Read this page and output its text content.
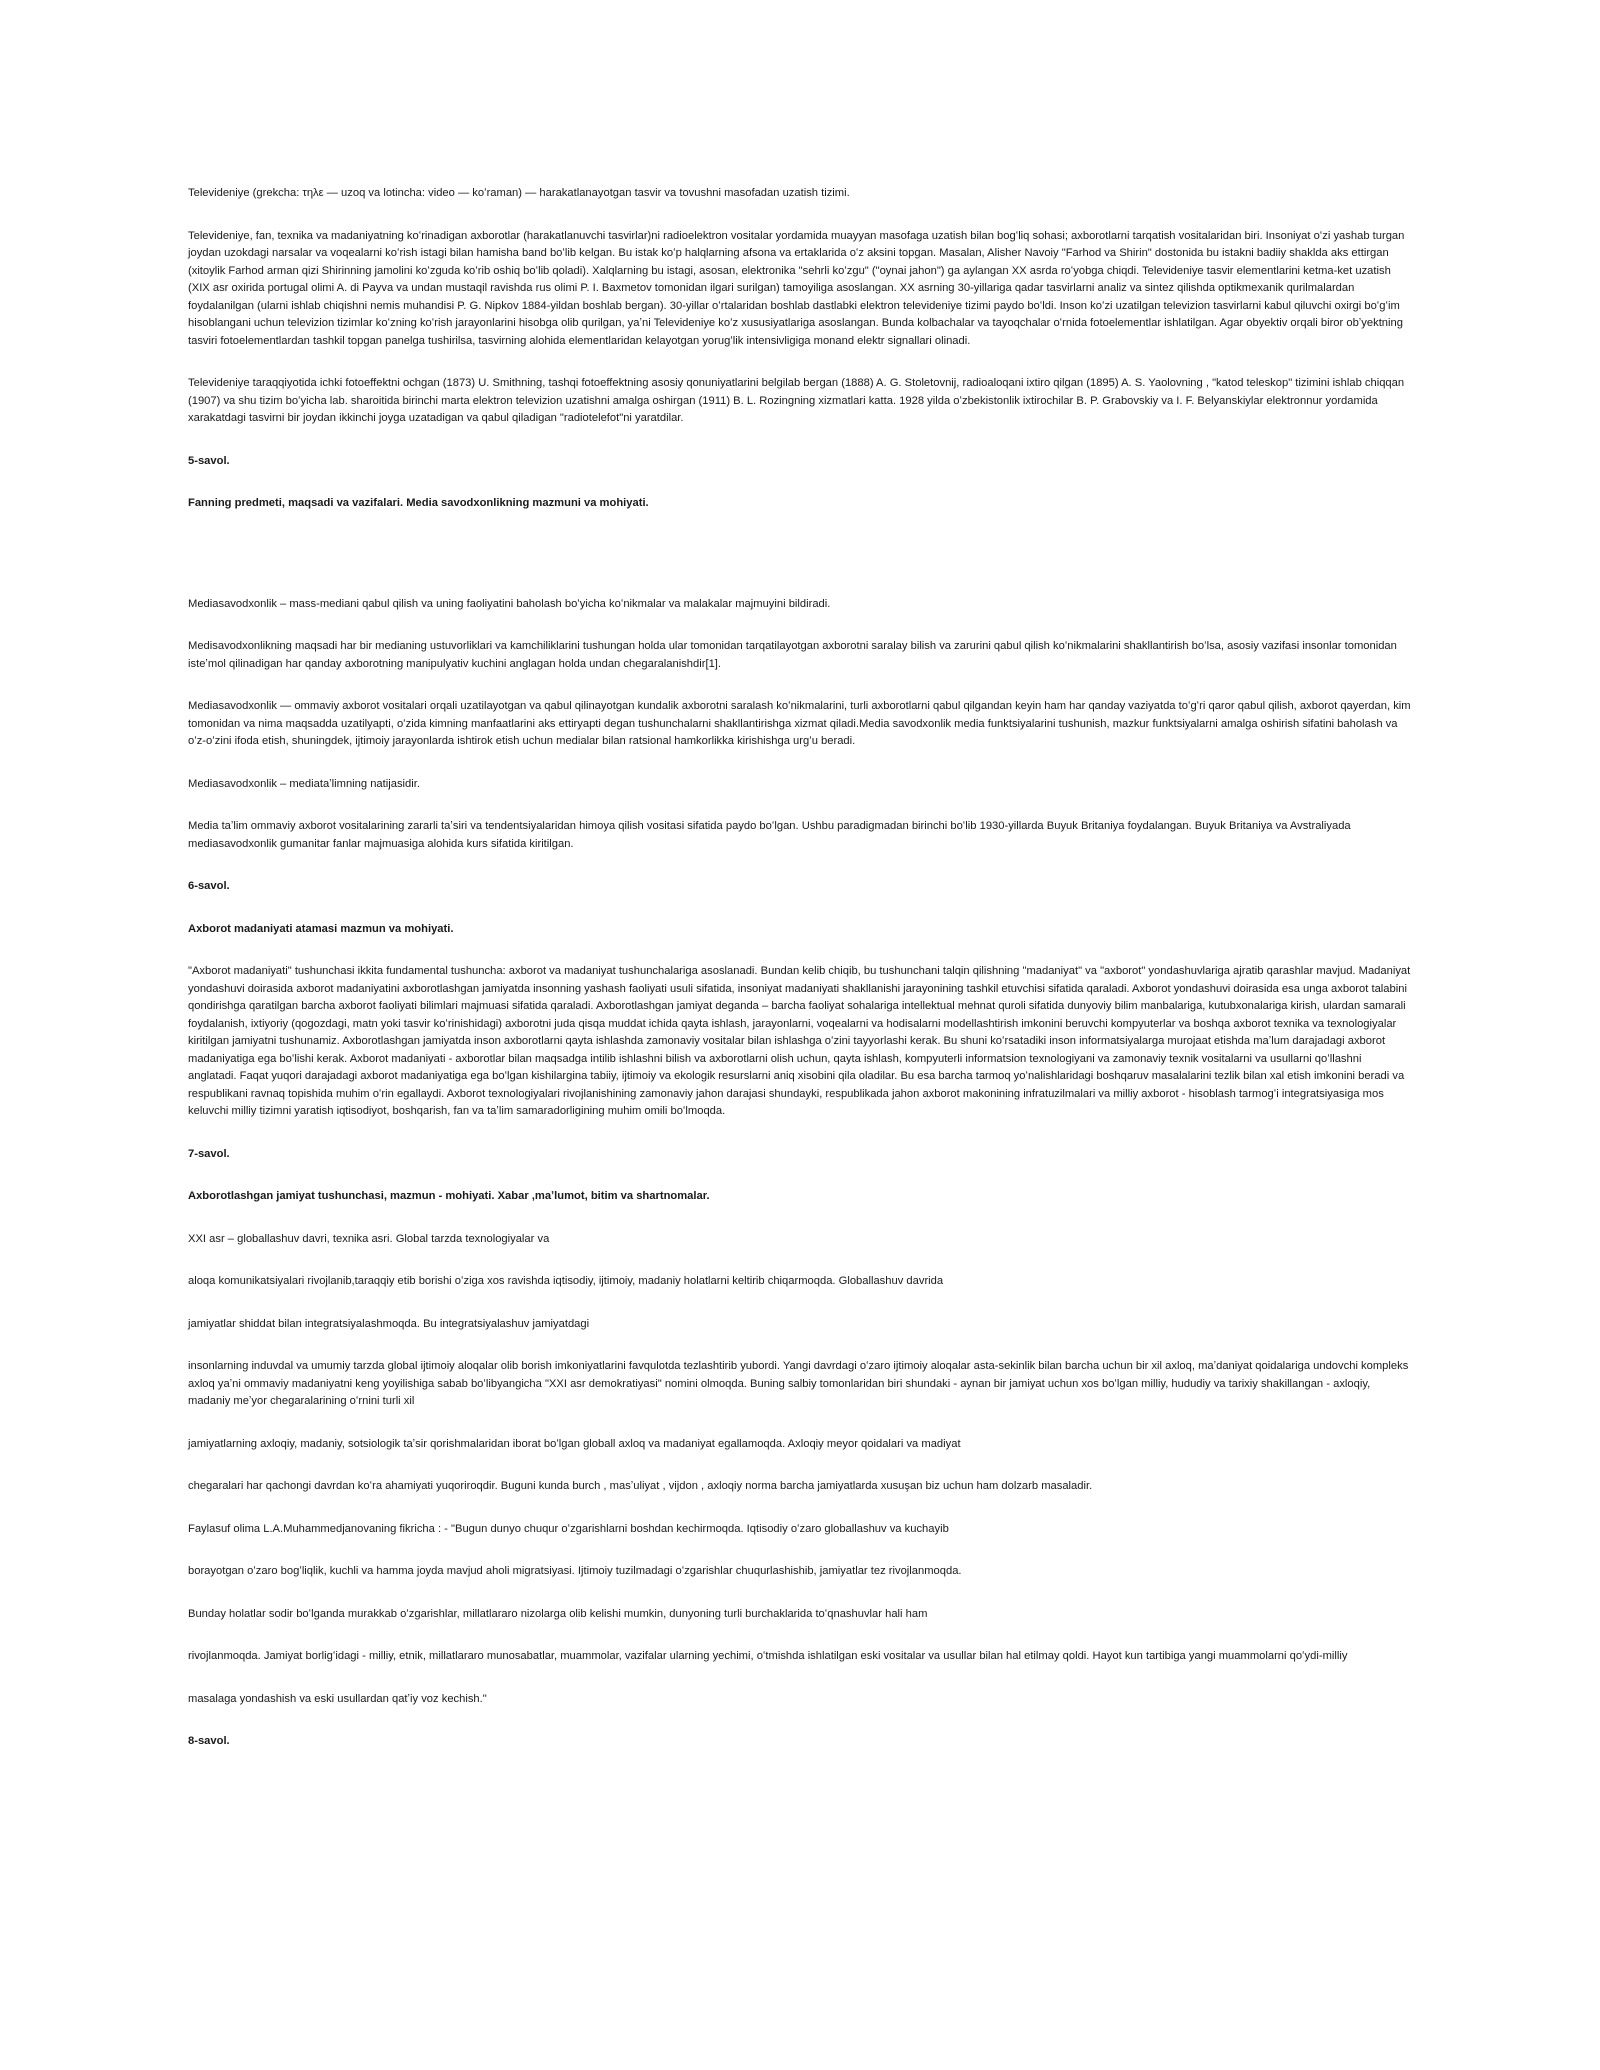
Televideniye (grekcha: τηλε — uzoq va lotincha: video — koʻraman) — harakatlanayotgan tasvir va tovushni masofadan uzatish tizimi.

Televideniye, fan, texnika va madaniyatning koʻrinadigan axborotlar (harakatlanuvchi tasvirlar)ni radioelektron vositalar yordamida muayyan masofaga uzatish bilan bogʻliq sohasi; axborotlarni tarqatish vositalaridan biri. Insoniyat oʻzi yashab turgan joydan uzokdagi narsalar va voqealarni koʻrish istagi bilan hamisha band boʻlib kelgan. Bu istak koʻp halqlarning afsona va ertaklarida oʻz aksini topgan. Masalan, Alisher Navoiy "Farhod va Shirin" dostonida bu istakni badiiy shaklda aks ettirgan (xitoylik Farhod arman qizi Shirinning jamolini koʻzguda koʻrib oshiq boʻlib qoladi). Xalqlarning bu istagi, asosan, elektronika "sehrli koʻzgu" ("oynai jahon") ga aylangan XX asrda roʻyobga chiqdi. Televideniye tasvir elementlarini ketma-ket uzatish (XIX asr oxirida portugal olimi A. di Payva va undan mustaqil ravishda rus olimi P. I. Baxmetov tomonidan ilgari surilgan) tamoyiliga asoslangan. XX asrning 30-yillariga qadar tasvirlarni analiz va sintez qilishda optikmexanik qurilmalardan foydalanilgan (ularni ishlab chiqishni nemis muhandisi P. G. Nipkov 1884-yildan boshlab bergan). 30-yillar oʻrtalaridan boshlab dastlabki elektron televideniye tizimi paydo boʻldi. Inson koʻzi uzatilgan televizion tasvirlarni kabul qiluvchi oxirgi boʻgʻim hisoblangani uchun televizion tizimlar koʻzning koʻrish jarayonlarini hisobga olib qurilgan, yaʼni Televideniye koʻz xususiyatlariga asoslangan. Bunda kolbachalar va tayoqchalar oʻrnida fotoelementlar ishlatilgan. Agar obyektiv orqali biror obʼyektning tasviri fotoelementlardan tashkil topgan panelga tushirilsa, tasvirning alohida elementlaridan kelayotgan yorugʻlik intensivligiga monand elektr signallari olinadi.

Televideniye taraqqiyotida ichki fotoeffektni ochgan (1873) U. Smithning, tashqi fotoeffektning asosiy qonuniyatlarini belgilab bergan (1888) A. G. Stoletovnij, radioaloqani ixtiro qilgan (1895) A. S. Yaolovning , "katod teleskop" tizimini ishlab chiqqan (1907) va shu tizim boʻyicha lab. sharoitida birinchi marta elektron televizion uzatishni amalga oshirgan (1911) B. L. Rozingning xizmatlari katta. 1928 yilda oʻzbekistonlik ixtirochilar B. P. Grabovskiy va I. F. Belyanskiylar elektronnur yordamida xarakatdagi tasvirni bir joydan ikkinchi joyga uzatadigan va qabul qiladigan "radiotelefot"ni yaratdilar.

5-savol.

Fanning predmeti, maqsadi va vazifalari. Media savodxonlikning mazmuni va mohiyati.

Mediasavodxonlik – mass-mediani qabul qilish va uning faoliyatini baholash boʻyicha koʻnikmalar va malakalar majmuyini bildiradi.

Medisavodxonlikning maqsadi har bir medianing ustuvorliklari va kamchiliklarini tushungan holda ular tomonidan tarqatilayotgan axborotni saralay bilish va zarurini qabul qilish koʻnikmalarini shakllantirish boʻlsa, asosiy vazifasi insonlar tomonidan isteʼmol qilinadigan har qanday axborotning manipulyativ kuchini anglagan holda undan chegaralanishdir[1].

Mediasavodxonlik — ommaviy axborot vositalari orqali uzatilayotgan va qabul qilinayotgan kundalik axborotni saralash koʻnikmalarini, turli axborotlarni qabul qilgandan keyin ham har qanday vaziyatda toʻgʻri qaror qabul qilish, axborot qayerdan, kim tomonidan va nima maqsadda uzatilyapti, oʻzida kimning manfaatlarini aks ettiryapti degan tushunchalarni shakllantirishga xizmat qiladi.Media savodxonlik media funktsiyalarini tushunish, mazkur funktsiyalarni amalga oshirish sifatini baholash va oʻz-oʻzini ifoda etish, shuningdek, ijtimoiy jarayonlarda ishtirok etish uchun medialar bilan ratsional hamkorlikka kirishishga urgʻu beradi.

Mediasavodxonlik – mediataʼlimning natijasidir.

Media taʼlim ommaviy axborot vositalarining zararli taʼsiri va tendentsiyalaridan himoya qilish vositasi sifatida paydo boʻlgan. Ushbu paradigmadan birinchi boʻlib 1930-yillarda Buyuk Britaniya foydalangan. Buyuk Britaniya va Avstraliyada mediasavodxonlik gumanitar fanlar majmuasiga alohida kurs sifatida kiritilgan.

6-savol.

Axborot madaniyati atamasi mazmun va mohiyati.

"Axborot madaniyati" tushunchasi ikkita fundamental tushuncha: axborot va madaniyat tushunchalariga asoslanadi. Bundan kelib chiqib, bu tushunchani talqin qilishning "madaniyat" va "axborot" yondashuvlariga ajratib qarashlar mavjud. Madaniyat yondashuvi doirasida axborot madaniyatini axborotlashgan jamiyatda insonning yashash faoliyati usuli sifatida, insoniyat madaniyati shakllanishi jarayonining tashkil etuvchisi sifatida qaraladi. Axborot yondashuvi doirasida esa unga axborot talabini qondirishga qaratilgan barcha axborot faoliyati bilimlari majmuasi sifatida qaraladi. Axborotlashgan jamiyat deganda – barcha faoliyat sohalariga intellektual mehnat quroli sifatida dunyoviy bilim manbalariga, kutubxonalariga kirish, ulardan samarali foydalanish, ixtiyoriy (qogozdagi, matn yoki tasvir koʻrinishidagi) axborotni juda qisqa muddat ichida qayta ishlash, jarayonlarni, voqealarni va hodisalarni modellashtirish imkonini beruvchi kompyuterlar va boshqa axborot texnika va texnologiyalar kiritilgan jamiyatni tushunamiz. Axborotlashgan jamiyatda inson axborotlarni qayta ishlashda zamonaviy vositalar bilan ishlashga oʻzini tayyorlashi kerak. Bu shuni koʻrsatadiki inson informatsiyalarga murojaat etishda maʼlum darajadagi axborot madaniyatiga ega boʻlishi kerak. Axborot madaniyati - axborotlar bilan maqsadga intilib ishlashni bilish va axborotlarni olish uchun, qayta ishlash, kompyuterli informatsion texnologiyani va zamonaviy texnik vositalarni va usullarni qoʻllashni anglatadi. Faqat yuqori darajadagi axborot madaniyatiga ega boʻlgan kishilargina tabiiy, ijtimoiy va ekologik resurslarni aniq xisobini qila oladilar. Bu esa barcha tarmoq yoʻnalishlaridagi boshqaruv masalalarini tezlik bilan xal etish imkonini beradi va respublikani ravnaq topishida muhim oʻrin egallaydi. Axborot texnologiyalari rivojlanishining zamonaviy jahon darajasi shundayki, respublikada jahon axborot makonining infratuzilmalari va milliy axborot - hisoblash tarmogʻi integratsiyasiga mos keluvchi milliy tizimni yaratish iqtisodiyot, boshqarish, fan va taʼlim samaradorligining muhim omili boʻlmoqda.

7-savol.

Axborotlashgan jamiyat tushunchasi, mazmun - mohiyati. Xabar ,maʼlumot, bitim va shartnomalar.

XXI asr – globallashuv davri, texnika asri. Global tarzda texnologiyalar va

aloqa komunikatsiyalari rivojlanib,taraqqiy etib borishi oʻziga xos ravishda iqtisodiy, ijtimoiy, madaniy holatlarni keltirib chiqarmoqda. Globallashuv davrida

jamiyatlar shiddat bilan integratsiyalashmoqda. Bu integratsiyalashuv jamiyatdagi

insonlarning induvdal va umumiy tarzda global ijtimoiy aloqalar olib borish imkoniyatlarini favqulotda tezlashtirib yubordi. Yangi davrdagi oʻzaro ijtimoiy aloqalar asta-sekinlik bilan barcha uchun bir xil axloq, maʼdaniyat qoidalariga undovchi kompleks axloq yaʼni ommaviy madaniyatni keng yoyilishiga sabab boʻlibyangicha "XXI asr demokratiyasi" nomini olmoqda. Buning salbiy tomonlaridan biri shundaki - aynan bir jamiyat uchun xos boʻlgan milliy, hududiy va tarixiy shakillangan - axloqiy, madaniy meʼyor chegaralarining oʻrnini turli xil

jamiyatlarning axloqiy, madaniy, sotsiologik taʼsir qorishmalaridan iborat boʻlgan globall axloq va madaniyat egallamoqda. Axloqiy meyor qoidalari va madiyat

chegaralari har qachongi davrdan koʻra ahamiyati yuqoriroqdir. Buguni kunda burch , masʼuliyat , vijdon , axloqiy norma barcha jamiyatlarda xusuşan biz uchun ham dolzarb masaladir.

Faylasuf olima L.A.Muhammedjanovaning fikricha : - "Bugun dunyo chuqur oʻzgarishlarni boshdan kechirmoqda. Iqtisodiy oʻzaro globallashuv va kuchayib

borayotgan oʻzaro bogʻliqlik, kuchli va hamma joyda mavjud aholi migratsiyasi. Ijtimoiy tuzilmadagi oʻzgarishlar chuqurlashishib, jamiyatlar tez rivojlanmoqda.

Bunday holatlar sodir boʻlganda murakkab oʻzgarishlar, millatlararo nizolarga olib kelishi mumkin, dunyoning turli burchaklarida toʻqnashuvlar hali ham

rivojlanmoqda. Jamiyat borligʻidagi - milliy, etnik, millatlararo munosabatlar, muammolar, vazifalar ularning yechimi, oʻtmishda ishlatilgan eski vositalar va usullar bilan hal etilmay qoldi. Hayot kun tartibiga yangi muammolarni qoʻydi-milliy

masalaga yondashish va eski usullardan qatʼiy voz kechish."

8-savol.
